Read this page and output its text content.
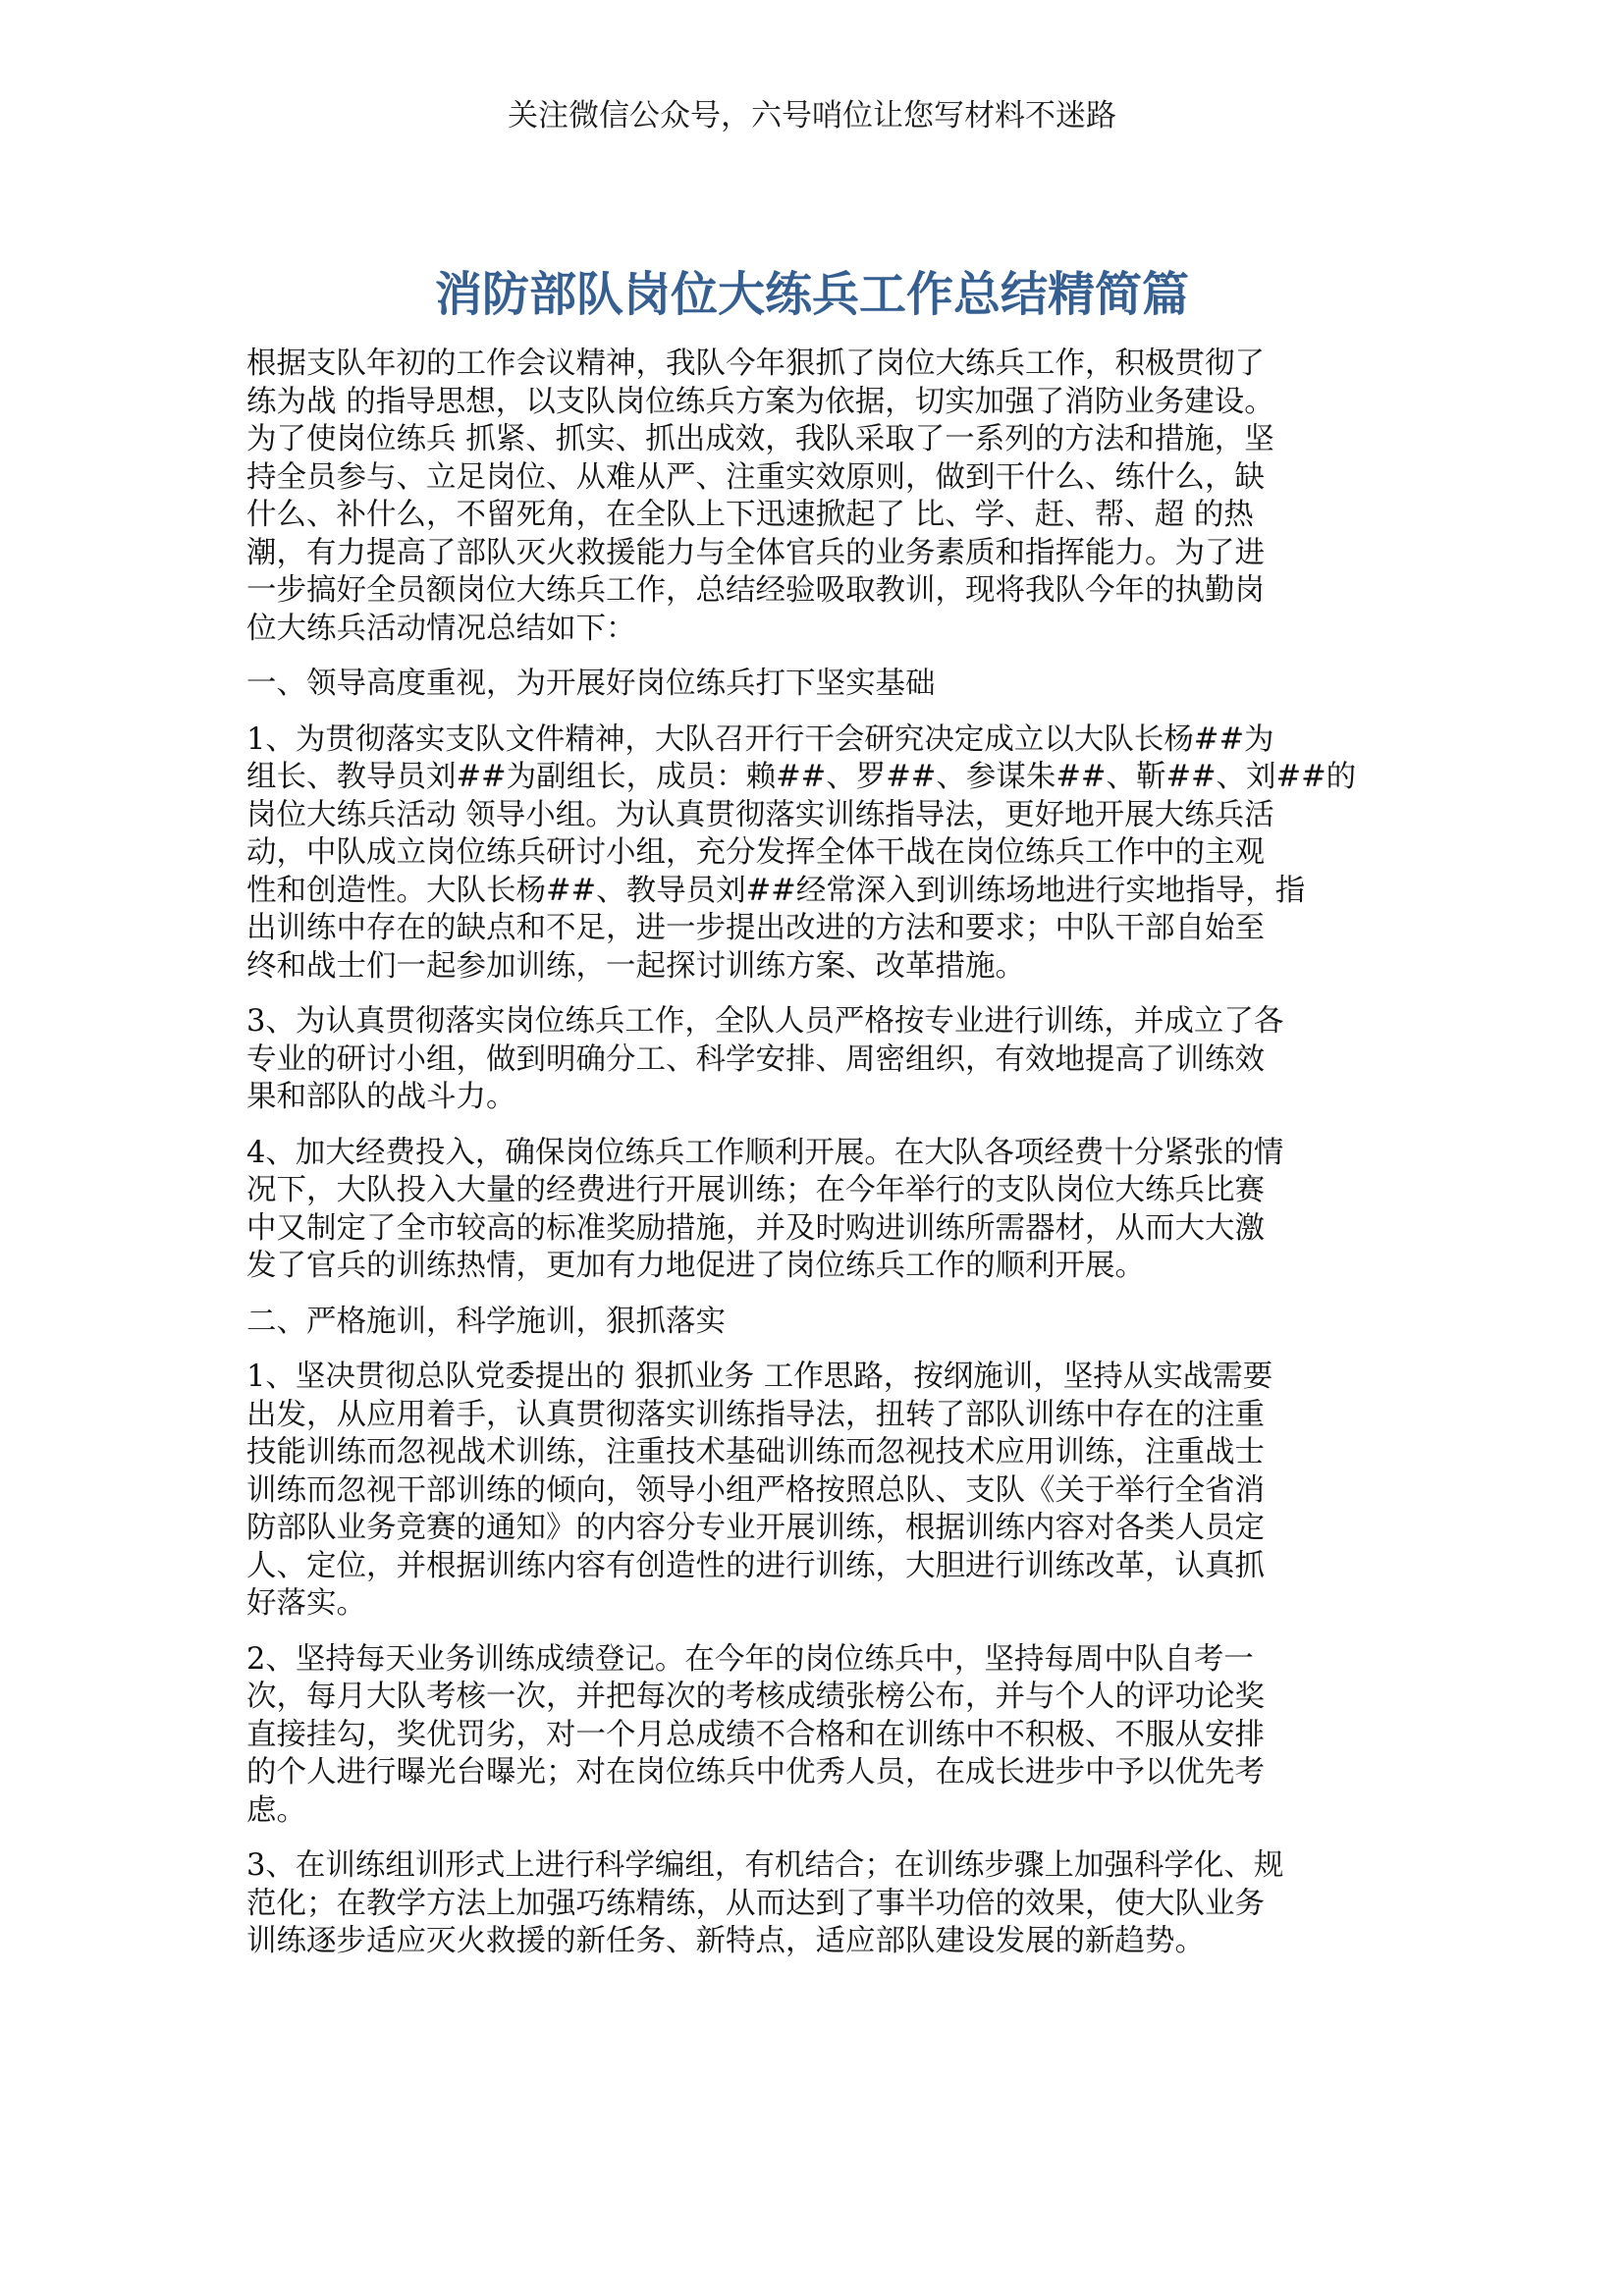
关注微信公众号，六号哨位让您写材料不迷路
消防部队岗位大练兵工作总结精简篇

根据支队年初的工作会议精神，我队今年狠抓了岗位大练兵工作，积极贯彻了
练为战 的指导思想，以支队岗位练兵方案为依据，切实加强了消防业务建设。
为了使岗位练兵 抓紧、抓实、抓出成效，我队采取了一系列的方法和措施，坚
持全员参与、立足岗位、从难从严、注重实效原则，做到干什么、练什么，缺
什么、补什么，不留死角，在全队上下迅速掀起了 比、学、赶、帮、超 的热
潮，有力提高了部队灭火救援能力与全体官兵的业务素质和指挥能力。为了进
一步搞好全员额岗位大练兵工作，总结经验吸取教训，现将我队今年的执勤岗
位大练兵活动情况总结如下：

一、领导高度重视，为开展好岗位练兵打下坚实基础

1、为贯彻落实支队文件精神，大队召开行干会研究决定成立以大队长杨##为
组长、教导员刘##为副组长，成员：赖##、罗##、参谋朱##、靳##、刘##的
岗位大练兵活动 领导小组。为认真贯彻落实训练指导法，更好地开展大练兵活
动，中队成立岗位练兵研讨小组，充分发挥全体干战在岗位练兵工作中的主观
性和创造性。大队长杨##、教导员刘##经常深入到训练场地进行实地指导，指
出训练中存在的缺点和不足，进一步提出改进的方法和要求；中队干部自始至
终和战士们一起参加训练，一起探讨训练方案、改革措施。

3、为认真贯彻落实岗位练兵工作，全队人员严格按专业进行训练，并成立了各
专业的研讨小组，做到明确分工、科学安排、周密组织，有效地提高了训练效
果和部队的战斗力。

4、加大经费投入，确保岗位练兵工作顺利开展。在大队各项经费十分紧张的情
况下，大队投入大量的经费进行开展训练；在今年举行的支队岗位大练兵比赛
中又制定了全市较高的标准奖励措施，并及时购进训练所需器材，从而大大激
发了官兵的训练热情，更加有力地促进了岗位练兵工作的顺利开展。

二、严格施训，科学施训，狠抓落实

1、坚决贯彻总队党委提出的 狠抓业务 工作思路，按纲施训，坚持从实战需要
出发，从应用着手，认真贯彻落实训练指导法，扭转了部队训练中存在的注重
技能训练而忽视战术训练，注重技术基础训练而忽视技术应用训练，注重战士
训练而忽视干部训练的倾向，领导小组严格按照总队、支队《关于举行全省消
防部队业务竞赛的通知》的内容分专业开展训练，根据训练内容对各类人员定
人、定位，并根据训练内容有创造性的进行训练，大胆进行训练改革，认真抓
好落实。

2、坚持每天业务训练成绩登记。在今年的岗位练兵中，坚持每周中队自考一
次，每月大队考核一次，并把每次的考核成绩张榜公布，并与个人的评功论奖
直接挂勾，奖优罚劣，对一个月总成绩不合格和在训练中不积极、不服从安排
的个人进行曝光台曝光；对在岗位练兵中优秀人员，在成长进步中予以优先考
虑。

3、在训练组训形式上进行科学编组，有机结合；在训练步骤上加强科学化、规
范化；在教学方法上加强巧练精练，从而达到了事半功倍的效果，使大队业务
训练逐步适应灭火救援的新任务、新特点，适应部队建设发展的新趋势。
